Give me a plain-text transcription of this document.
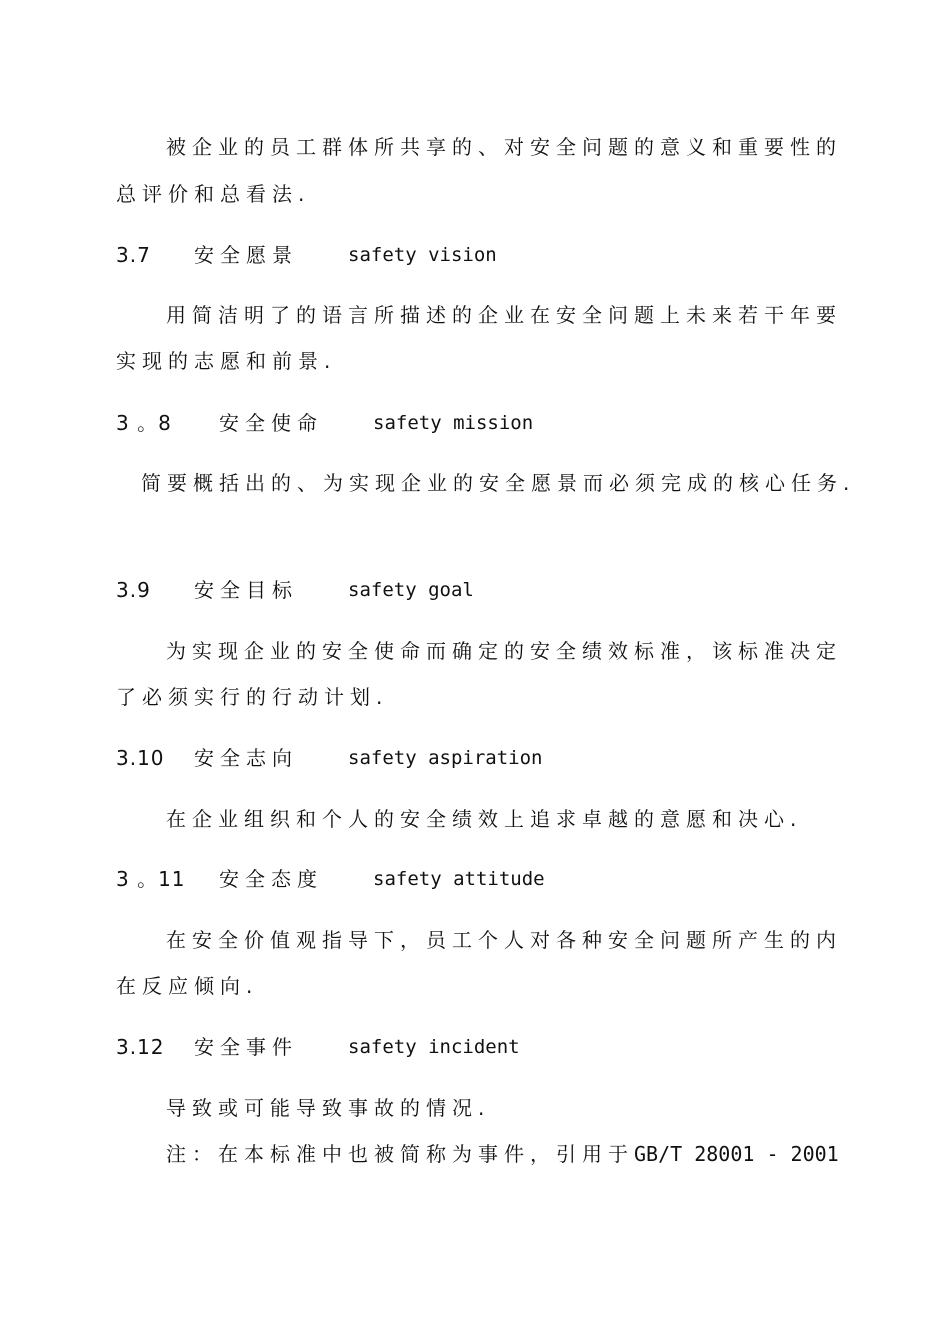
被企业的员工群体所共享的、对安全问题的意义和重要性的
总评价和总看法.
3.7 安全愿景	safety vision
用简洁明了的语言所描述的企业在安全问题上未来若干年要
实现的志愿和前景.
3 。8 安全使命	safety mission
简要概括出的、为实现企业的安全愿景而必须完成的核心任务.
3.9 安全目标	safety goal
为实现企业的安全使命而确定的安全绩效标准，该标准决定
了必须实行的行动计划.
3.10 安全志向	safety aspiration
在企业组织和个人的安全绩效上追求卓越的意愿和决心.
3 。11 安全态度	safety attitude
在安全价值观指导下，员工个人对各种安全问题所产生的内
在反应倾向.
3.12 安全事件	safety incident
导致或可能导致事故的情况.
注：在本标准中也被简称为事件，引用于GB/T 28001 - 2001
